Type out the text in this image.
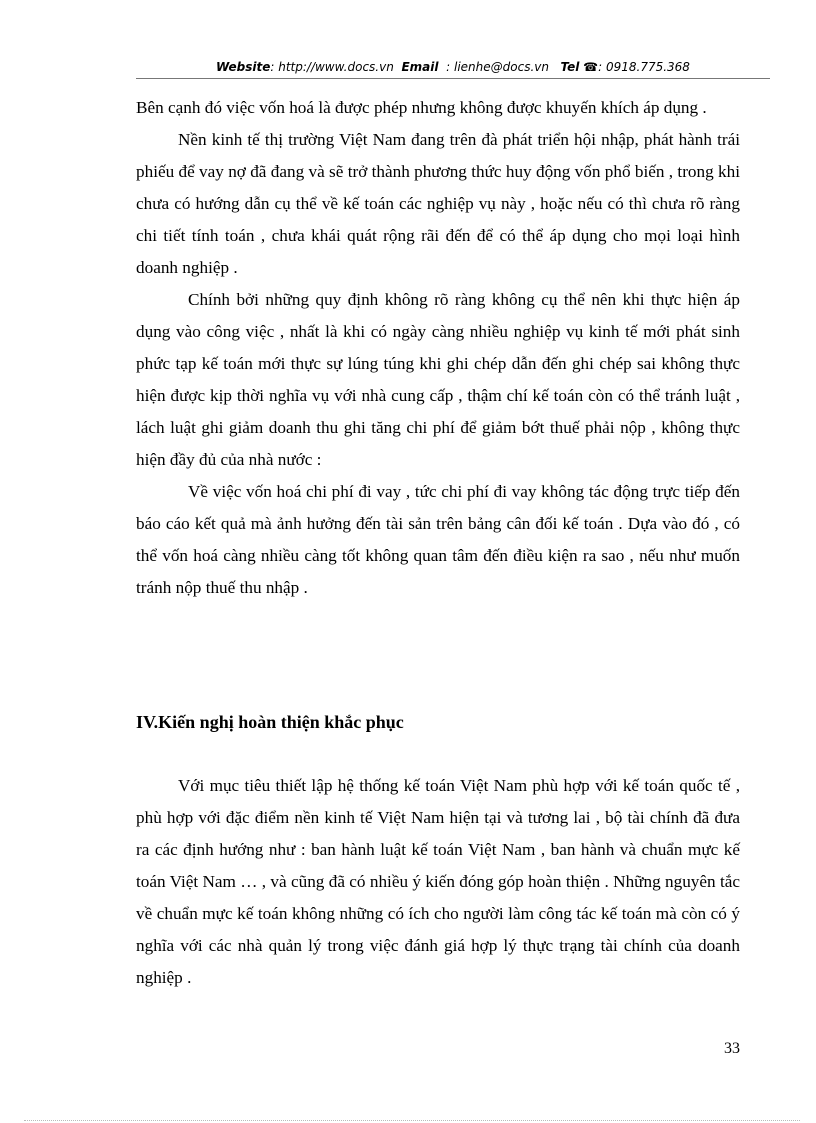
Website: http://www.docs.vn Email : lienhe@docs.vn Tel ☎: 0918.775.368

Bên cạnh đó việc vốn hoá là được phép nhưng không được khuyến khích áp dụng .

Nền kinh tế thị trường Việt Nam đang trên đà phát triển hội nhập, phát hành trái phiếu để vay nợ đã đang và sẽ trở thành phương thức huy động vốn phổ biến , trong khi chưa có hướng dẫn cụ thể về kế toán các nghiệp vụ này , hoặc nếu có thì chưa rõ ràng chi tiết tính toán , chưa khái quát rộng rãi đến để có thể áp dụng cho mọi loại hình doanh nghiệp .

Chính bởi những quy định không rõ ràng không cụ thể nên khi thực hiện áp dụng vào công việc , nhất là khi có ngày càng nhiều nghiệp vụ kinh tế mới phát sinh phức tạp kế toán mới thực sự lúng túng khi ghi chép dẫn đến ghi chép sai không thực hiện được kịp thời nghĩa vụ với nhà cung cấp , thậm chí kế toán còn có thể tránh luật , lách luật ghi giảm doanh thu ghi tăng chi phí để giảm bớt thuế phải nộp , không thực hiện đầy đủ của nhà nước :

Về việc vốn hoá chi phí đi vay , tức chi phí đi vay không tác động trực tiếp đến báo cáo kết quả mà ảnh hưởng đến tài sản trên bảng cân đối kế toán . Dựa vào đó , có thể vốn hoá càng nhiều càng tốt không quan tâm đến điều kiện ra sao , nếu như muốn tránh nộp thuế thu nhập .

IV.Kiến nghị hoàn thiện khắc phục

Với mục tiêu thiết lập hệ thống kế toán Việt Nam phù hợp với kế toán quốc tế , phù hợp với đặc điểm nền kinh tế Việt Nam hiện tại và tương lai , bộ tài chính đã đưa ra các định hướng như : ban hành luật kế toán Việt Nam , ban hành và chuẩn mực kế toán Việt Nam … , và cũng đã có nhiều ý kiến đóng góp hoàn thiện . Những nguyên tắc về chuẩn mực kế toán không những có ích cho người làm công tác kế toán mà còn có ý nghĩa với các nhà quản lý trong việc đánh giá hợp lý thực trạng tài chính của doanh nghiệp .

33
